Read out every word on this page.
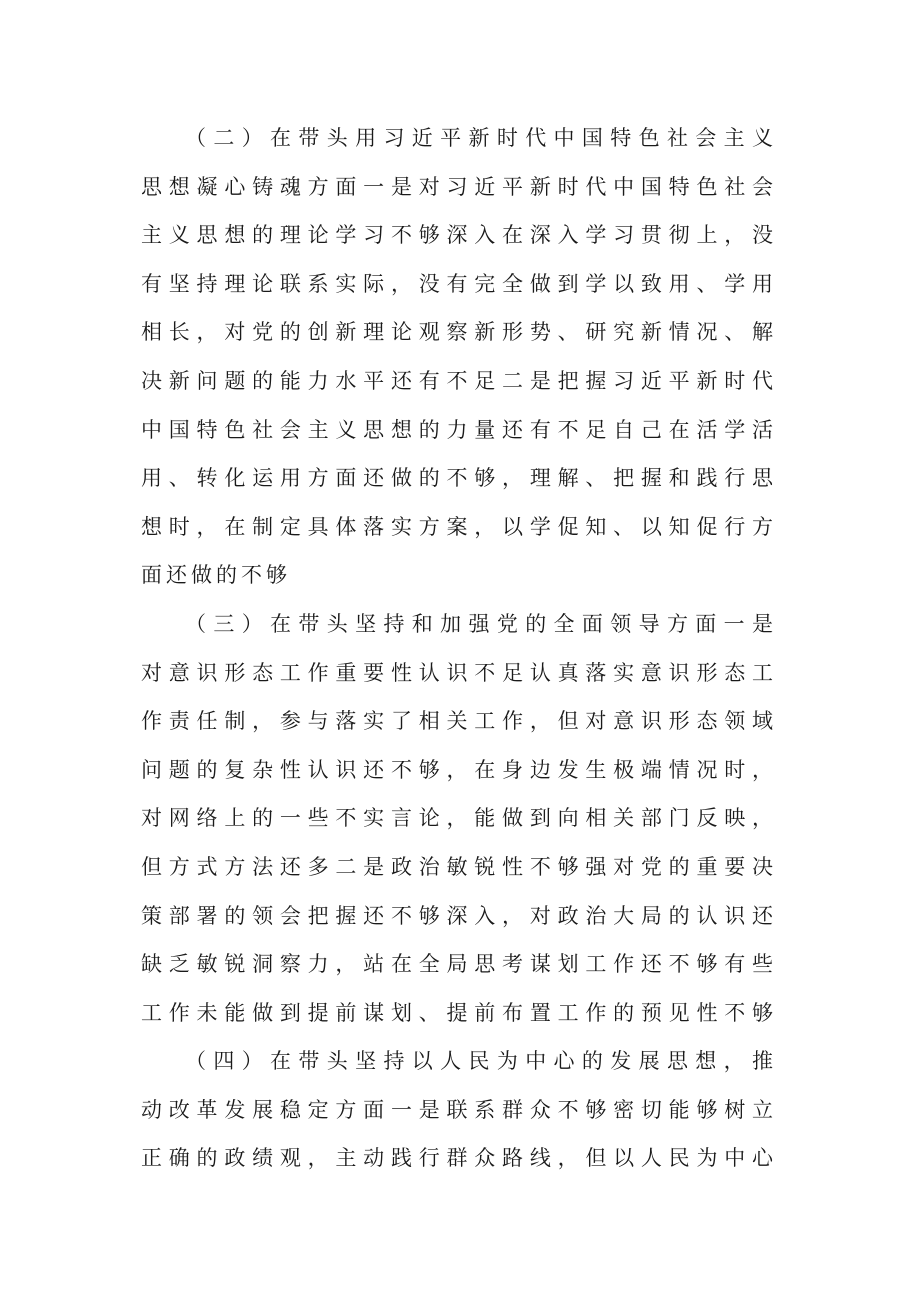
（二）在带头用习近平新时代中国特色社会主义
思想凝心铸魂方面一是对习近平新时代中国特色社会
主义思想的理论学习不够深入在深入学习贯彻上，没
有坚持理论联系实际，没有完全做到学以致用、学用
相长，对党的创新理论观察新形势、研究新情况、解
决新问题的能力水平还有不足二是把握习近平新时代
中国特色社会主义思想的力量还有不足自己在活学活
用、转化运用方面还做的不够，理解、把握和践行思
想时，在制定具体落实方案，以学促知、以知促行方
面还做的不够
（三）在带头坚持和加强党的全面领导方面一是
对意识形态工作重要性认识不足认真落实意识形态工
作责任制，参与落实了相关工作，但对意识形态领域
问题的复杂性认识还不够，在身边发生极端情况时，
对网络上的一些不实言论，能做到向相关部门反映，
但方式方法还多二是政治敏锐性不够强对党的重要决
策部署的领会把握还不够深入，对政治大局的认识还
缺乏敏锐洞察力，站在全局思考谋划工作还不够有些
工作未能做到提前谋划、提前布置工作的预见性不够
（四）在带头坚持以人民为中心的发展思想，推
动改革发展稳定方面一是联系群众不够密切能够树立
正确的政绩观，主动践行群众路线，但以人民为中心
